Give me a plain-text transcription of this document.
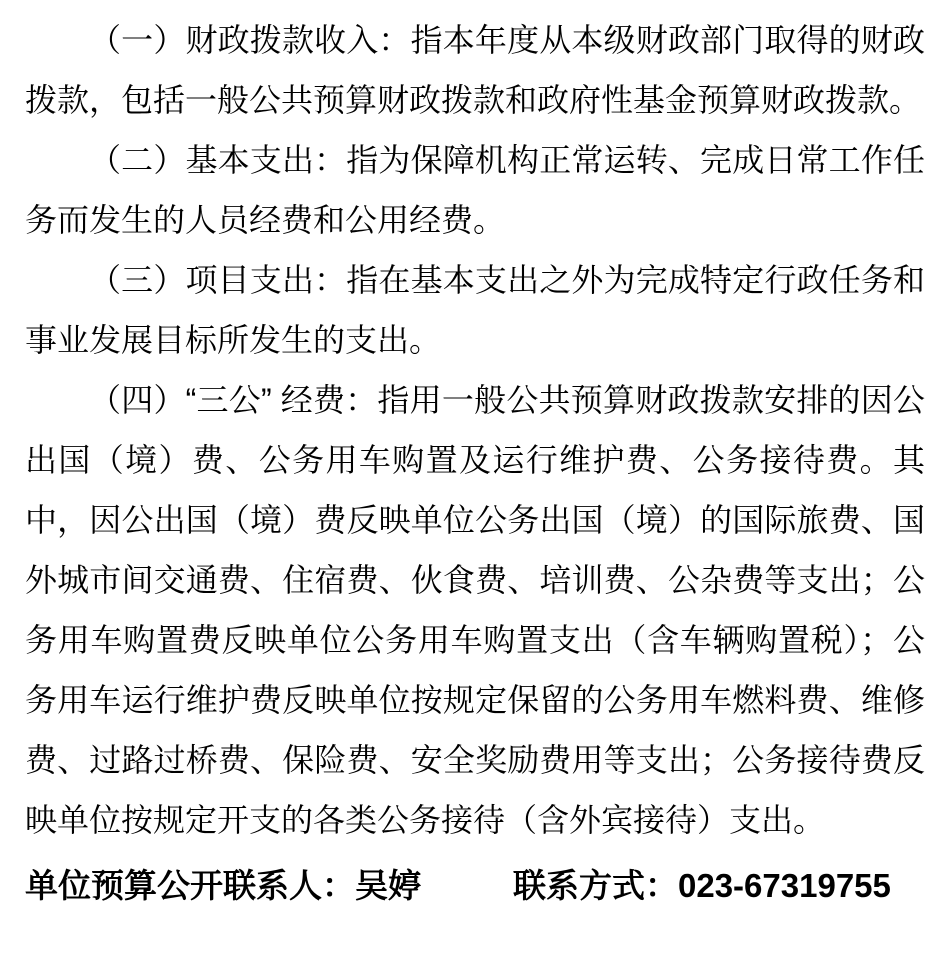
（一）财政拨款收入：指本年度从本级财政部门取得的财政拨款，包括一般公共预算财政拨款和政府性基金预算财政拨款。

（二）基本支出：指为保障机构正常运转、完成日常工作任务而发生的人员经费和公用经费。

（三）项目支出：指在基本支出之外为完成特定行政任务和事业发展目标所发生的支出。

（四）“三公” 经费：指用一般公共预算财政拨款安排的因公出国（境）费、公务用车购置及运行维护费、公务接待费。其中，因公出国（境）费反映单位公务出国（境）的国际旅费、国外城市间交通费、住宿费、伙食费、培训费、公杂费等支出；公务用车购置费反映单位公务用车购置支出（含车辆购置税）；公务用车运行维护费反映单位按规定保留的公务用车燃料费、维修费、过路过桥费、保险费、安全奖励费用等支出；公务接待费反映单位按规定开支的各类公务接待（含外宾接待）支出。

单位预算公开联系人： 吴婷	联系方式： 023-67319755
